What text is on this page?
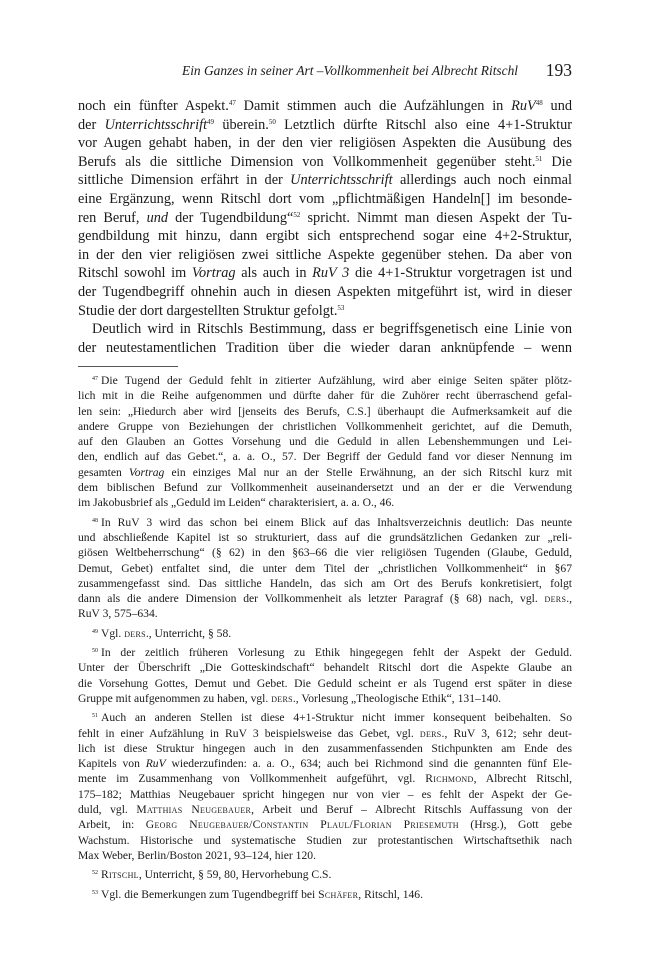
Ein Ganzes in seiner Art –Vollkommenheit bei Albrecht Ritschl 193
noch ein fünfter Aspekt.$^{47}$ Damit stimmen auch die Aufzählungen in RuV$^{48}$ und
der Unterrichtsschrift$^{49}$ überein.$^{50}$ Letztlich dürfte Ritschl also eine 4+1-Struktur
vor Augen gehabt haben, in der den vier religiösen Aspekten die Ausübung des
Berufs als die sittliche Dimension von Vollkommenheit gegenüber steht.$^{51}$ Die
sittliche Dimension erfährt in der Unterrichtsschrift allerdings auch noch einmal
eine Ergänzung, wenn Ritschl dort vom „pflichtmäßigen Handeln[] im besonde-
ren Beruf, und der Tugendbildung“$^{52}$ spricht. Nimmt man diesen Aspekt der Tu-
gendbildung mit hinzu, dann ergibt sich entsprechend sogar eine 4+2-Struktur,
in der den vier religiösen zwei sittliche Aspekte gegenüber stehen. Da aber von
Ritschl sowohl im Vortrag als auch in RuV 3 die 4+1-Struktur vorgetragen ist und
der Tugendbegriff ohnehin auch in diesen Aspekten mitgeführt ist, wird in dieser
Studie der dort dargestellten Struktur gefolgt.$^{53}$
Deutlich wird in Ritschls Bestimmung, dass er begriffsgenetisch eine Linie von
der neutestamentlichen Tradition über die wieder daran anknüpfende – wenn
$^{47}$ Die Tugend der Geduld fehlt in zitierter Aufzählung, wird aber einige Seiten später plötz-
lich mit in die Reihe aufgenommen und dürfte daher für die Zuhörer recht überraschend gefal-
len sein: „Hiedurch aber wird [jenseits des Berufs, C.S.] überhaupt die Aufmerksamkeit auf die
andere Gruppe von Beziehungen der christlichen Vollkommenheit gerichtet, auf die Demuth,
auf den Glauben an Gottes Vorsehung und die Geduld in allen Lebenshemmungen und Lei-
den, endlich auf das Gebet.“, a. a. O., 57. Der Begriff der Geduld fand vor dieser Nennung im
gesamten Vortrag ein einziges Mal nur an der Stelle Erwähnung, an der sich Ritschl kurz mit
dem biblischen Befund zur Vollkommenheit auseinandersetzt und an der er die Verwendung
im Jakobusbrief als „Geduld im Leiden“ charakterisiert, a. a. O., 46.
$^{48}$ In RuV 3 wird das schon bei einem Blick auf das Inhaltsverzeichnis deutlich: Das neunte
und abschließende Kapitel ist so strukturiert, dass auf die grundsätzlichen Gedanken zur „reli-
giösen Weltbeherrschung“ (§ 62) in den §63–66 die vier religiösen Tugenden (Glaube, Geduld,
Demut, Gebet) entfaltet sind, die unter dem Titel der „christlichen Vollkommenheit“ in §67
zusammengefasst sind. Das sittliche Handeln, das sich am Ort des Berufs konkretisiert, folgt
dann als die andere Dimension der Vollkommenheit als letzter Paragraf (§ 68) nach, vgl. ders.,
RuV 3, 575–634.
$^{49}$ Vgl. ders., Unterricht, § 58.
$^{50}$ In der zeitlich früheren Vorlesung zu Ethik hingegegen fehlt der Aspekt der Geduld.
Unter der Überschrift „Die Gotteskindschaft“ behandelt Ritschl dort die Aspekte Glaube an
die Vorsehung Gottes, Demut und Gebet. Die Geduld scheint er als Tugend erst später in diese
Gruppe mit aufgenommen zu haben, vgl. ders., Vorlesung „Theologische Ethik“, 131–140.
$^{51}$ Auch an anderen Stellen ist diese 4+1-Struktur nicht immer konsequent beibehalten. So
fehlt in einer Aufzählung in RuV 3 beispielsweise das Gebet, vgl. ders., RuV 3, 612; sehr deut-
lich ist diese Struktur hingegen auch in den zusammenfassenden Stichpunkten am Ende des
Kapitels von RuV wiederzufinden: a. a. O., 634; auch bei Richmond sind die genannten fünf Ele-
mente im Zusammenhang von Vollkommenheit aufgeführt, vgl. Richmond, Albrecht Ritschl,
175–182; Matthias Neugebauer spricht hingegen nur von vier – es fehlt der Aspekt der Ge-
duld, vgl. Matthias Neugebauer, Arbeit und Beruf – Albrecht Ritschls Auffassung von der
Arbeit, in: Georg Neugebauer/Constantin Plaul/Florian Priesemuth (Hrsg.), Gott gebe
Wachstum. Historische und systematische Studien zur protestantischen Wirtschaftsethik nach
Max Weber, Berlin/Boston 2021, 93–124, hier 120.
$^{52}$ Ritschl, Unterricht, § 59, 80, Hervorhebung C.S.
$^{53}$ Vgl. die Bemerkungen zum Tugendbegriff bei Schäfer, Ritschl, 146.
